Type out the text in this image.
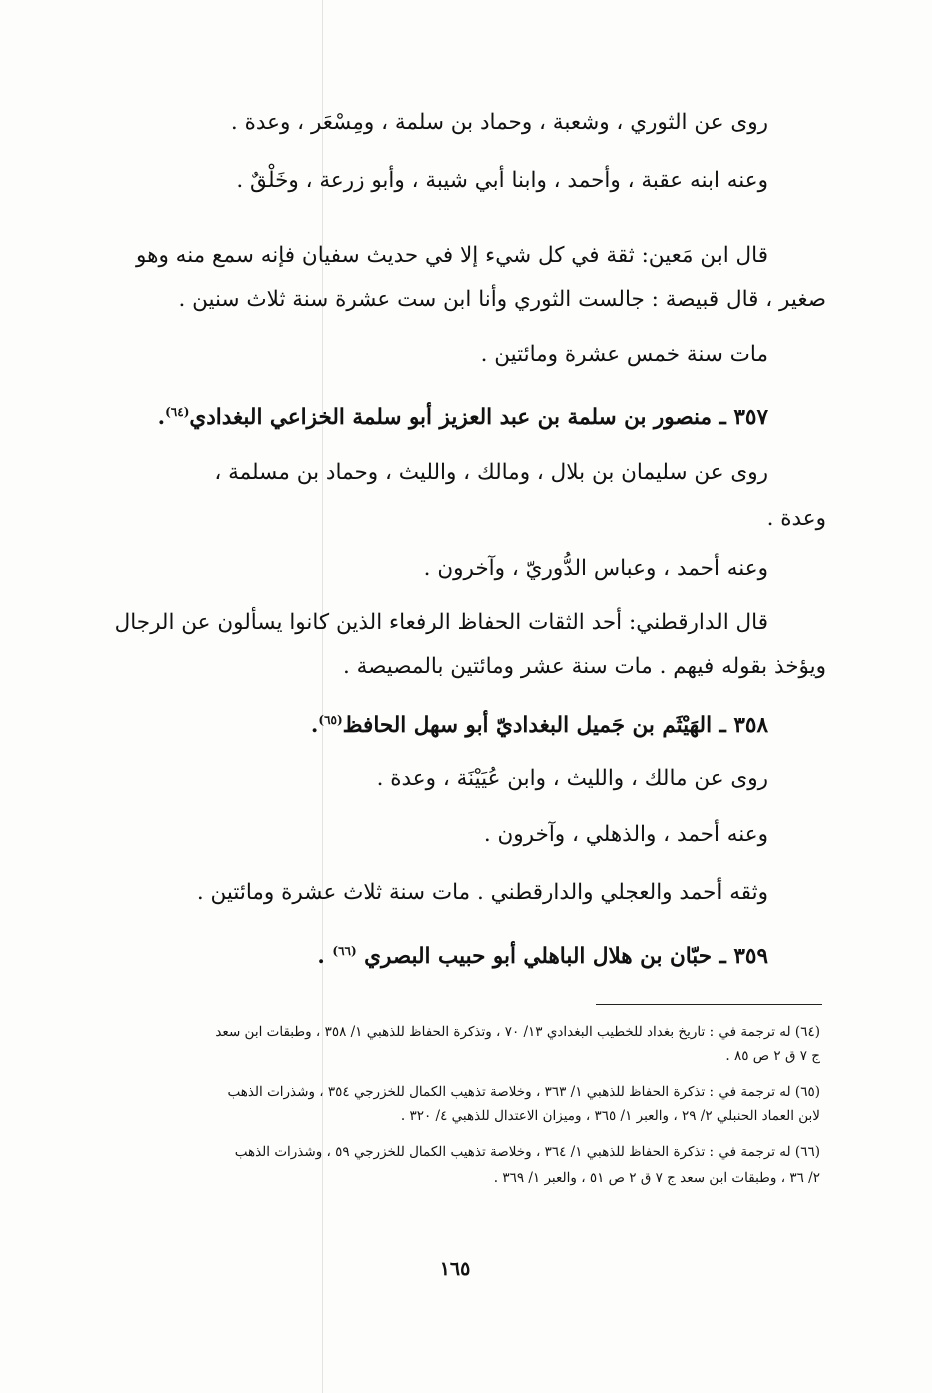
روى عن الثوري ، وشعبة ، وحماد بن سلمة ، ومِسْعَر ، وعدة .
وعنه ابنه عقبة ، وأحمد ، وابنا أبي شيبة ، وأبو زرعة ، وخَلْقٌ .
قال ابن مَعين: ثقة في كل شيء إلا في حديث سفيان فإنه سمع منه وهو
صغير ، قال قبيصة : جالست الثوري وأنا ابن ست عشرة سنة ثلاث سنين .
مات سنة خمس عشرة ومائتين .
٣٥٧ ـ منصور بن سلمة بن عبد العزيز أبو سلمة الخزاعي البغدادي$^{(٦٤)}$.
روى عن سليمان بن بلال ، ومالك ، والليث ، وحماد بن مسلمة ،
وعدة .
وعنه أحمد ، وعباس الدُّوريّ ، وآخرون .
قال الدارقطني: أحد الثقات الحفاظ الرفعاء الذين كانوا يسألون عن الرجال
ويؤخذ بقوله فيهم . مات سنة عشر ومائتين بالمصيصة .
٣٥٨ ـ الهَيْثَم بن جَميل البغداديّ أبو سهل الحافظ$^{(٦٥)}$.
روى عن مالك ، والليث ، وابن عُيَيْنَة ، وعدة .
وعنه أحمد ، والذهلي ، وآخرون .
وثقه أحمد والعجلي والدارقطني . مات سنة ثلاث عشرة ومائتين .
٣٥٩ ـ حبّان بن هلال الباهلي أبو حبيب البصري $^{(٦٦)}$ .
(٦٤) له ترجمة في : تاريخ بغداد للخطيب البغدادي ١٣/ ٧٠ ، وتذكرة الحفاظ للذهبي ١/ ٣٥٨ ، وطبقات ابن سعد
ج ٧ ق ٢ ص ٨٥ .
(٦٥) له ترجمة في : تذكرة الحفاظ للذهبي ١/ ٣٦٣ ، وخلاصة تذهيب الكمال للخزرجي ٣٥٤ ، وشذرات الذهب
لابن العماد الحنبلي ٢/ ٢٩ ، والعبر ١/ ٣٦٥ ، وميزان الاعتدال للذهبي ٤/ ٣٢٠ .
(٦٦) له ترجمة في : تذكرة الحفاظ للذهبي ١/ ٣٦٤ ، وخلاصة تذهيب الكمال للخزرجي ٥٩ ، وشذرات الذهب
٢/ ٣٦ ، وطبقات ابن سعد ج ٧ ق ٢ ص ٥١ ، والعبر ١/ ٣٦٩ .
١٦٥
